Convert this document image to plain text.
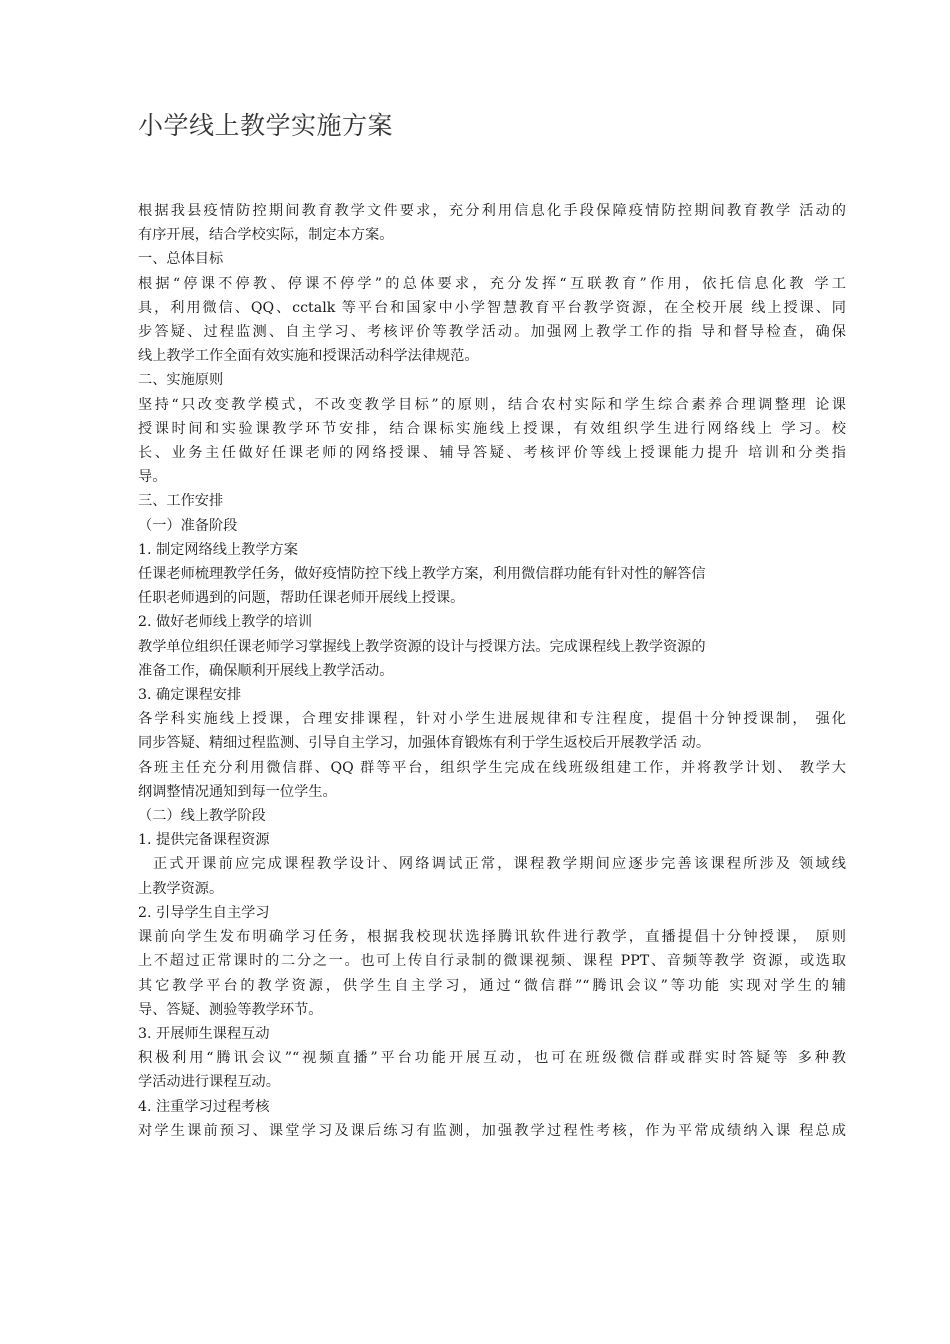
小学线上教学实施方案

根据我县疫情防控期间教育教学文件要求，充分利用信息化手段保障疫情防控期间教育教学 活动的
有序开展，结合学校实际，制定本方案。

一、总体目标

根据“停课不停教、停课不停学”的总体要求，充分发挥“互联教育”作用，依托信息化教 学工
具，利用微信、QQ、cctalk 等平台和国家中小学智慧教育平台教学资源，在全校开展 线上授课、同
步答疑、过程监测、自主学习、考核评价等教学活动。加强网上教学工作的指 导和督导检查，确保
线上教学工作全面有效实施和授课活动科学法律规范。

二、实施原则

坚持“只改变教学模式，不改变教学目标”的原则，结合农村实际和学生综合素养合理调整理 论课
授课时间和实验课教学环节安排，结合课标实施线上授课，有效组织学生进行网络线上 学习。校
长、业务主任做好任课老师的网络授课、辅导答疑、考核评价等线上授课能力提升 培训和分类指
导。

三、工作安排

（一）准备阶段

1. 制定网络线上教学方案

任课老师梳理教学任务，做好疫情防控下线上教学方案，利用微信群功能有针对性的解答信
任职老师遇到的问题，帮助任课老师开展线上授课。

2. 做好老师线上教学的培训

教学单位组织任课老师学习掌握线上教学资源的设计与授课方法。完成课程线上教学资源的
准备工作，确保顺利开展线上教学活动。

3. 确定课程安排

各学科实施线上授课，合理安排课程，针对小学生进展规律和专注程度，提倡十分钟授课制， 强化
同步答疑、精细过程监测、引导自主学习，加强体育锻炼有利于学生返校后开展教学活 动。
各班主任充分利用微信群、QQ 群等平台，组织学生完成在线班级组建工作，并将教学计划、 教学大
纲调整情况通知到每一位学生。

（二）线上教学阶段

1. 提供完备课程资源

正式开课前应完成课程教学设计、网络调试正常，课程教学期间应逐步完善该课程所涉及 领域线
上教学资源。

2. 引导学生自主学习

课前向学生发布明确学习任务，根据我校现状选择腾讯软件进行教学，直播提倡十分钟授课， 原则
上不超过正常课时的二分之一。也可上传自行录制的微课视频、课程 PPT、音频等教学 资源，或选取
其它教学平台的教学资源，供学生自主学习，通过“微信群”“腾讯会议”等功能 实现对学生的辅
导、答疑、测验等教学环节。

3. 开展师生课程互动

积极利用“腾讯会议”“视频直播”平台功能开展互动，也可在班级微信群或群实时答疑等 多种教
学活动进行课程互动。

4. 注重学习过程考核

对学生课前预习、课堂学习及课后练习有监测，加强教学过程性考核，作为平常成绩纳入课 程总成
